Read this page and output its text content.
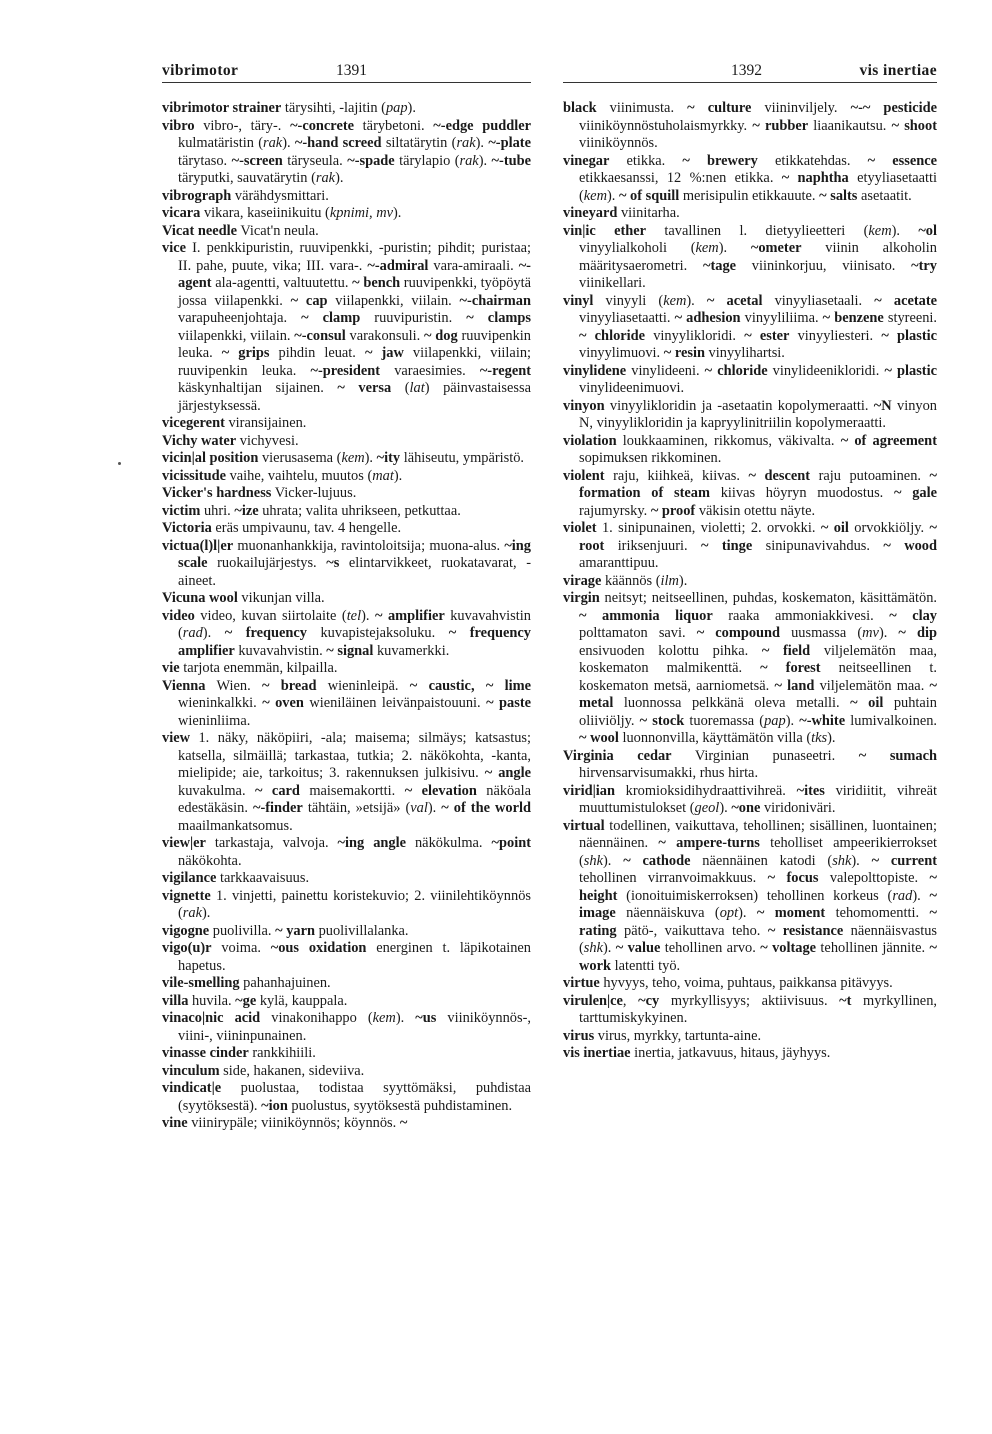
vibrimotor	1391	1392	vis inertiae

vibrimotor strainer tärysihti, -lajitin (pap).

vibro vibro-, täry-. ~-concrete tärybetoni. ~-edge puddler kulmatäristin (rak). ~-hand screed siltatärytin (rak). ~-plate tärytaso. ~-screen täryseula. ~-spade tärylapio (rak). ~-tube täryputki, sauvatärytin (rak).

vibrograph värähdysmittari.

vicara vikara, kaseiinikuitu (kpnimi, mv).

Vicat needle Vicat'n neula.

vice I. penkkipuristin, ruuvipenkki, -puristin; pihdit; puristaa; II. pahe, puute, vika; III. vara-. ~-admiral vara-amiraali. ~-agent ala-agentti, valtuutettu. ~ bench ruuvipenkki, työpöytä jossa viilapenkki. ~ cap viilapenkki, viilain. ~-chairman varapuheenjohtaja. ~ clamp ruuvipuristin. ~ clamps viilapenkki, viilain. ~-consul varakonsuli. ~ dog ruuvipenkin leuka. ~ grips pihdin leuat. ~ jaw viilapenkki, viilain; ruuvipenkin leuka. ~-president varaesimies. ~-regent käskynhaltijan sijainen. ~ versa (lat) päinvastaisessa järjestyksessä.

vicegerent viransijainen.

Vichy water vichyvesi.

vicin|al position vierusasema (kem). ~ity lähiseutu, ympäristö.

vicissitude vaihe, vaihtelu, muutos (mat).

Vicker's hardness Vicker-lujuus.

victim uhri. ~ize uhrata; valita uhrikseen, petkuttaa.

Victoria eräs umpivaunu, tav. 4 hengelle.

victua(l)l|er muonanhankkija, ravintoloitsija; muona-alus. ~ing scale ruokailujärjestys. ~s elintarvikkeet, ruokatavarat, -aineet.

Vicuna wool vikunjan villa.

video video, kuvan siirtolaite (tel). ~ amplifier kuvavahvistin (rad). ~ frequency kuvapistejaksoluku. ~ frequency amplifier kuvavahvistin. ~ signal kuvamerkki.

vie tarjota enemmän, kilpailla.

Vienna Wien. ~ bread wieninleipä. ~ caustic, ~ lime wieninkalkki. ~ oven wieniläinen leivänpaistouuni. ~ paste wieninliima.

view 1. näky, näköpiiri, -ala; maisema; silmäys; katsastus; katsella, silmäillä; tarkastaa, tutkia; 2. näkökohta, -kanta, mielipide; aie, tarkoitus; 3. rakennuksen julkisivu. ~ angle kuvakulma. ~ card maisemakortti. ~ elevation näköala edestäkäsin. ~-finder tähtäin, »etsijä» (val). ~ of the world maailmankatsomus.

view|er tarkastaja, valvoja. ~ing angle näkökulma. ~point näkökohta.

vigilance tarkkaavaisuus.

vignette 1. vinjetti, painettu koristekuvio; 2. viinilehtiköynnös (rak).

vigogne puolivilla. ~ yarn puolivillalanka.

vigo(u)r voima. ~ous oxidation energinen t. läpikotainen hapetus.

vile-smelling pahanhajuinen.

villa huvila. ~ge kylä, kauppala.

vinaco|nic acid vinakonihappo (kem). ~us viiniköynnös-, viini-, viininpunainen.

vinasse cinder rankkihiili.

vinculum side, hakanen, sideviiva.

vindicat|e puolustaa, todistaa syyttömäksi, puhdistaa (syytöksestä). ~ion puolustus, syytöksestä puhdistaminen.

vine viinirypäle; viiniköynnös; köynnös. ~

black viinimusta. ~ culture viininviljely. ~-~ pesticide viiniköynnöstuholaismyrkky. ~ rubber liaanikautsu. ~ shoot viiniköynnös.

vinegar etikka. ~ brewery etikkatehdas. ~ essence etikkaesanssi, 12 %:nen etikka. ~ naphtha etyyliasetaatti (kem). ~ of squill merisipulin etikkauute. ~ salts asetaatit.

vineyard viinitarha.

vin|ic ether tavallinen l. dietyylieetteri (kem). ~ol vinyylialkoholi (kem). ~ometer viinin alkoholin määritysaerometri. ~tage viininkorjuu, viinisato. ~try viinikellari.

vinyl vinyyli (kem). ~ acetal vinyyliasetaali. ~ acetate vinyyliasetaatti. ~ adhesion vinyyliliima. ~ benzene styreeni. ~ chloride vinyylikloridi. ~ ester vinyyliesteri. ~ plastic vinyylimuovi. ~ resin vinyylihartsi.

vinylidene vinylideeni. ~ chloride vinylideenikloridi. ~ plastic vinylideenimuovi.

vinyon vinyylikloridin ja -asetaatin kopolymeraatti. ~N vinyon N, vinyylikloridin ja kapryylinitriilin kopolymeraatti.

violation loukkaaminen, rikkomus, väkivalta. ~ of agreement sopimuksen rikkominen.

violent raju, kiihkeä, kiivas. ~ descent raju putoaminen. ~ formation of steam kiivas höyryn muodostus. ~ gale rajumyrsky. ~ proof väkisin otettu näyte.

violet 1. sinipunainen, violetti; 2. orvokki. ~ oil orvokkiöljy. ~ root iriksenjuuri. ~ tinge sinipunavivahdus. ~ wood amaranttipuu.

virage käännös (ilm).

virgin neitsyt; neitseellinen, puhdas, koskematon, käsittämätön. ~ ammonia liquor raaka ammoniakkivesi. ~ clay polttamaton savi. ~ compound uusmassa (mv). ~ dip ensivuoden kolottu pihka. ~ field viljelemätön maa, koskematon malmikenttä. ~ forest neitseellinen t. koskematon metsä, aarniometsä. ~ land viljelemätön maa. ~ metal luonnossa pelkkänä oleva metalli. ~ oil puhtain oliiviöljy. ~ stock tuoremassa (pap). ~-white lumivalkoinen. ~ wool luonnonvilla, käyttämätön villa (tks).

Virginia cedar Virginian punaseetri. ~ sumach hirvensarvisumakki, rhus hirta.

virid|ian kromioksidihydraattivihreä. ~ites viridiitit, vihreät muuttumistulokset (geol). ~one viridoniväri.

virtual todellinen, vaikuttava, tehollinen; sisällinen, luontainen; näennäinen. ~ ampere-turns teholliset ampeerikierrokset (shk). ~ cathode näennäinen katodi (shk). ~ current tehollinen virranvoimakkuus. ~ focus valepolttopiste. ~ height (ionoituimiskerroksen) tehollinen korkeus (rad). ~ image näennäiskuva (opt). ~ moment tehomomentti. ~ rating pätö-, vaikuttava teho. ~ resistance näennäisvastus (shk). ~ value tehollinen arvo. ~ voltage tehollinen jännite. ~ work latentti työ.

virtue hyvyys, teho, voima, puhtaus, paikkansa pitävyys.

virulen|ce, ~cy myrkyllisyys; aktiivisuus. ~t myrkyllinen, tarttumiskykyinen.

virus virus, myrkky, tartunta-aine.

vis inertiae inertia, jatkavuus, hitaus, jäyhyys.
